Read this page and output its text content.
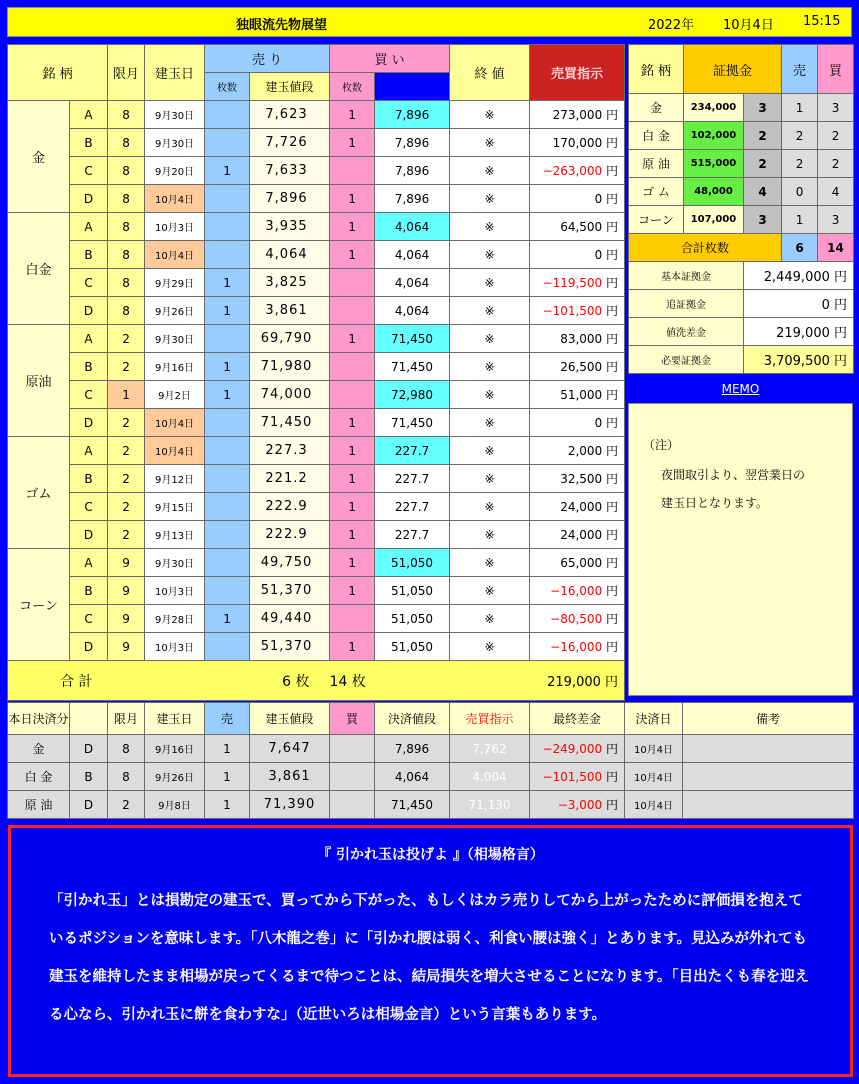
独眼流先物展望	2022年 10月4日 15:15
銘 柄		限月	建玉日	売 り		買 い		終 値	売買指示	
				枚数	建玉値段	枚数				
金	A	8	9月30日		7,623	1	7,896	※	273,000 円	
	B	8	9月30日		7,726	1	7,896	※	170,000 円	
	C	8	9月20日	1	7,633		7,896	※	−263,000 円	
	D	8	10月4日		7,896	1	7,896	※	0 円	
白金	A	8	10月3日		3,935	1	4,064	※	64,500 円	
	B	8	10月4日		4,064	1	4,064	※	0 円	
	C	8	9月29日	1	3,825		4,064	※	−119,500 円	
	D	8	9月26日	1	3,861		4,064	※	−101,500 円	
原油	A	2	9月30日		69,790	1	71,450	※	83,000 円	
	B	2	9月16日	1	71,980		71,450	※	26,500 円	
	C	1	9月2日	1	74,000		72,980	※	51,000 円	
	D	2	10月4日		71,450	1	71,450	※	0 円	
ゴム	A	2	10月4日		227.3	1	227.7	※	2,000 円	
	B	2	9月12日		221.2	1	227.7	※	32,500 円	
	C	2	9月15日		222.9	1	227.7	※	24,000 円	
	D	2	9月13日		222.9	1	227.7	※	24,000 円	
コーン	A	9	9月30日		49,750	1	51,050	※	65,000 円	
	B	9	10月3日		51,370	1	51,050	※	−16,000 円	
	C	9	9月28日	1	49,440		51,050	※	−80,500 円	
	D	9	10月3日		51,370	1	51,050	※	−16,000 円	
合 計			6 枚			14 枚		219,000 円		
銘 柄	証拠金		売	買
金	234,000	3	1	3
白 金	102,000	2	2	2
原 油	515,000	2	2	2
ゴ ム	48,000	4	0	4
コーン	107,000	3	1	3
合計枚数			6	14
基本証拠金		2,449,000 円		
追証拠金		0 円		
値洗差金		219,000 円		
必要証拠金		3,709,500 円		
MEMO
（注）
夜間取引より、翌営業日の
建玉日となります。
本日決済分		限月	建玉日	売	建玉値段	買	決済値段	売買指示	最終差金	決済日	備考
金	D	8	9月16日	1	7,647		7,896	7,762	−249,000 円	10月4日	
白 金	B	8	9月26日	1	3,861		4,064	4,004	−101,500 円	10月4日	
原 油	D	2	9月8日	1	71,390		71,450	71,130	−3,000 円	10月4日	
『 引かれ玉は投げよ 』（相場格言）
「引かれ玉」とは損勘定の建玉で、買ってから下がった、もしくはカラ売りしてから上がったために評価損を抱えているポジションを意味します。「八木龍之巻」に「引かれ腰は弱く、利食い腰は強く」とあります。見込みが外れても建玉を維持したまま相場が戻ってくるまで待つことは、結局損失を増大させることになります。「目出たくも春を迎える心なら、引かれ玉に餅を食わすな」（近世いろは相場金言）という言葉もあります。
